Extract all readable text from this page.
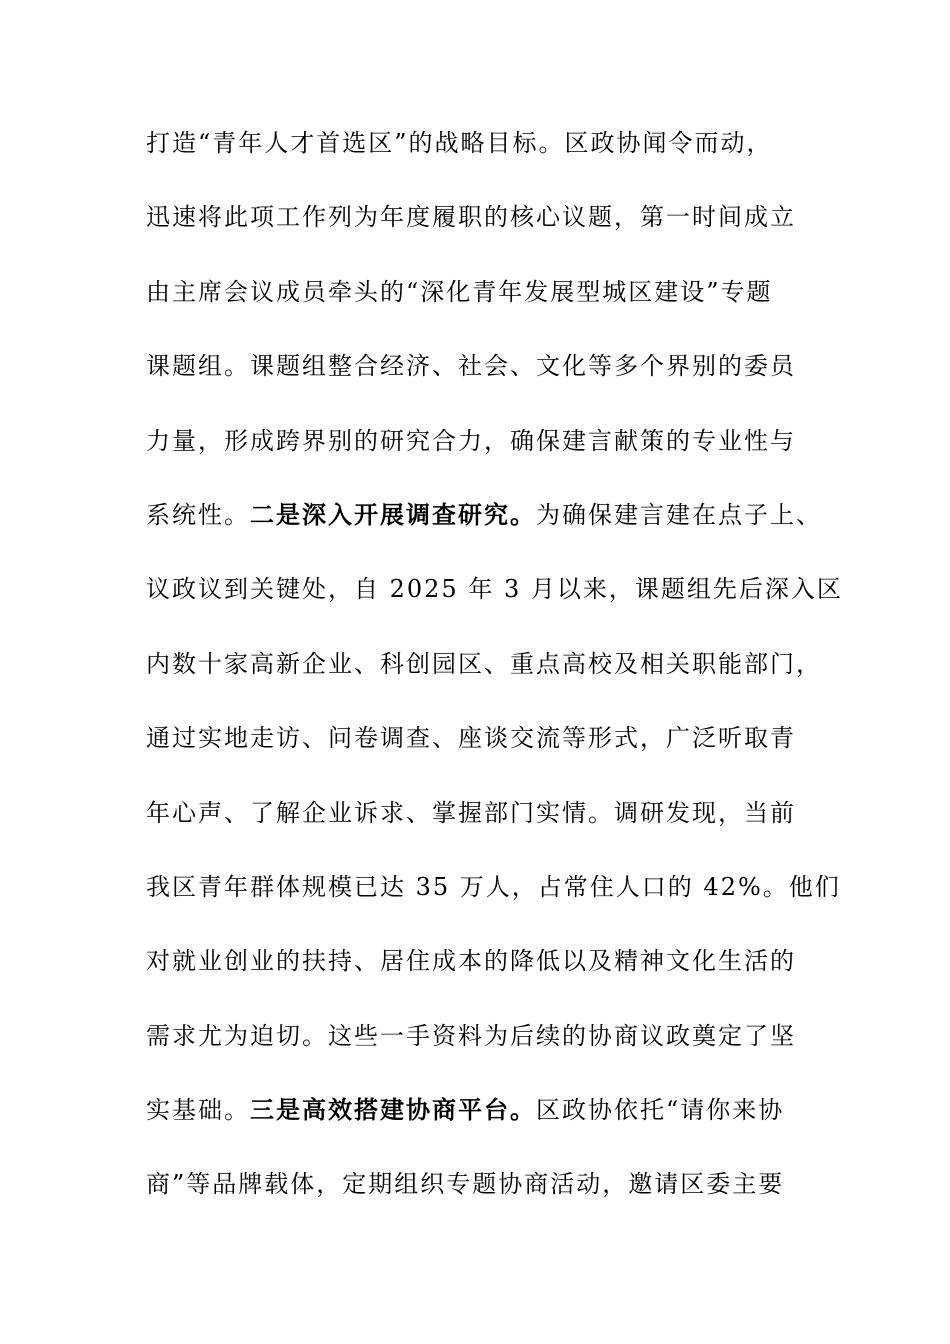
打造“青年人才首选区”的战略目标。区政协闻令而动，
迅速将此项工作列为年度履职的核心议题，第一时间成立
由主席会议成员牵头的“深化青年发展型城区建设”专题
课题组。课题组整合经济、社会、文化等多个界别的委员
力量，形成跨界别的研究合力，确保建言献策的专业性与
系统性。二是深入开展调查研究。为确保建言建在点子上、
议政议到关键处，自 2025 年 3 月以来，课题组先后深入区
内数十家高新企业、科创园区、重点高校及相关职能部门，
通过实地走访、问卷调查、座谈交流等形式，广泛听取青
年心声、了解企业诉求、掌握部门实情。调研发现，当前
我区青年群体规模已达 35 万人，占常住人口的 42%。他们
对就业创业的扶持、居住成本的降低以及精神文化生活的
需求尤为迫切。这些一手资料为后续的协商议政奠定了坚
实基础。三是高效搭建协商平台。区政协依托“请你来协
商”等品牌载体，定期组织专题协商活动，邀请区委主要
